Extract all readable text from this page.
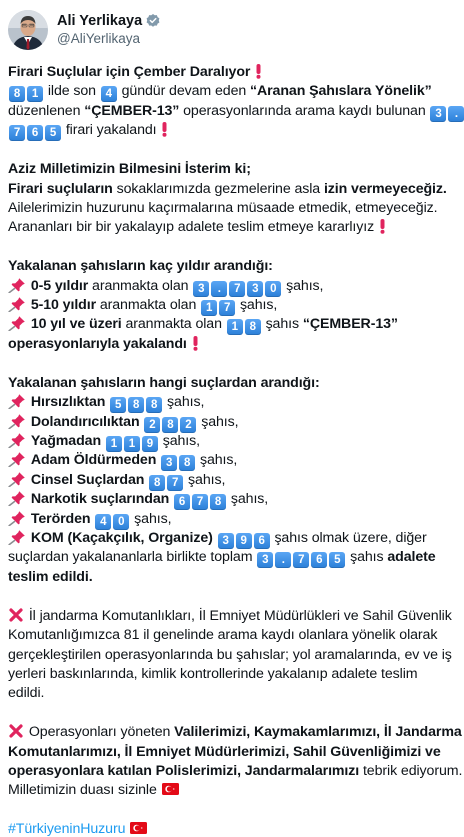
Ali Yerlikaya
@AliYerlikaya
Firari Suçlular için Çember Daralıyor
8 1 ilde son 4 gündür devam eden “Aranan Şahıslara Yönelik”
düzenlenen “ÇEMBER-13” operasyonlarında arama kaydı bulunan 3 .
7 6 5 firari yakalandı
Aziz Milletimizin Bilmesini İsterim ki;
Firari suçluların sokaklarımızda gezmelerine asla izin vermeyeceğiz.
Ailelerimizin huzurunu kaçırmalarına müsaade etmedik, etmeyeceğiz.
Arananları bir bir yakalayıp adalete teslim etmeye kararlıyız
Yakalanan şahısların kaç yıldır arandığı:
0-5 yıldır aranmakta olan 3 . 7 3 0 şahıs,
5-10 yıldır aranmakta olan 1 7 şahıs,
10 yıl ve üzeri aranmakta olan 1 8 şahıs “ÇEMBER-13”
operasyonlarıyla yakalandı
Yakalanan şahısların hangi suçlardan arandığı:
Hırsızlıktan 5 8 8 şahıs,
Dolandırıcılıktan 2 8 2 şahıs,
Yağmadan 1 1 9 şahıs,
Adam Öldürmeden 3 8 şahıs,
Cinsel Suçlardan 8 7 şahıs,
Narkotik suçlarından 6 7 8 şahıs,
Terörden 4 0 şahıs,
KOM (Kaçakçılık, Organize) 3 9 6 şahıs olmak üzere, diğer
suçlardan yakalananlarla birlikte toplam 3 . 7 6 5 şahıs adalete
teslim edildi.
İl jandarma Komutanlıkları, İl Emniyet Müdürlükleri ve Sahil Güvenlik
Komutanlığımızca 81 il genelinde arama kaydı olanlara yönelik olarak
gerçekleştirilen operasyonlarında bu şahıslar; yol aramalarında, ev ve iş
yerleri baskınlarında, kimlik kontrollerinde yakalanıp adalete teslim
edildi.
Operasyonları yöneten Valilerimizi, Kaymakamlarımızı, İl Jandarma
Komutanlarımızı, İl Emniyet Müdürlerimizi, Sahil Güvenliğimizi ve
operasyonlara katılan Polislerimizi, Jandarmalarımızı tebrik ediyorum.
Milletimizin duası sizinle
#TürkiyeninHuzuru
